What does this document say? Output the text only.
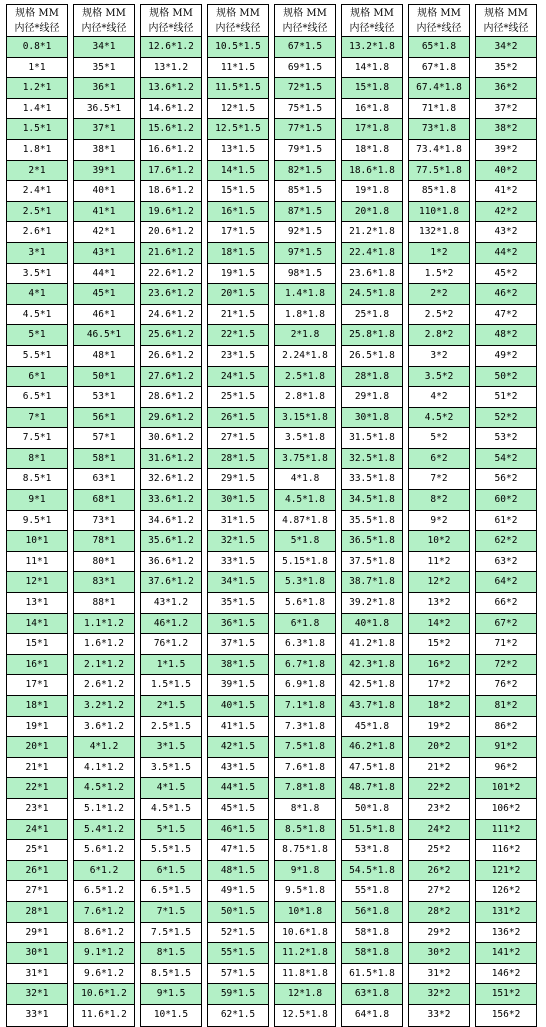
规格 MM
内径*线径
0.8*1
1*1
1.2*1
1.4*1
1.5*1
1.8*1
2*1
2.4*1
2.5*1
2.6*1
3*1
3.5*1
4*1
4.5*1
5*1
5.5*1
6*1
6.5*1
7*1
7.5*1
8*1
8.5*1
9*1
9.5*1
10*1
11*1
12*1
13*1
14*1
15*1
16*1
17*1
18*1
19*1
20*1
21*1
22*1
23*1
24*1
25*1
26*1
27*1
28*1
29*1
30*1
31*1
32*1
33*1
规格 MM
内径*线径
34*1
35*1
36*1
36.5*1
37*1
38*1
39*1
40*1
41*1
42*1
43*1
44*1
45*1
46*1
46.5*1
48*1
50*1
53*1
56*1
57*1
58*1
63*1
68*1
73*1
78*1
80*1
83*1
88*1
1.1*1.2
1.6*1.2
2.1*1.2
2.6*1.2
3.2*1.2
3.6*1.2
4*1.2
4.1*1.2
4.5*1.2
5.1*1.2
5.4*1.2
5.6*1.2
6*1.2
6.5*1.2
7.6*1.2
8.6*1.2
9.1*1.2
9.6*1.2
10.6*1.2
11.6*1.2
规格 MM
内径*线径
12.6*1.2
13*1.2
13.6*1.2
14.6*1.2
15.6*1.2
16.6*1.2
17.6*1.2
18.6*1.2
19.6*1.2
20.6*1.2
21.6*1.2
22.6*1.2
23.6*1.2
24.6*1.2
25.6*1.2
26.6*1.2
27.6*1.2
28.6*1.2
29.6*1.2
30.6*1.2
31.6*1.2
32.6*1.2
33.6*1.2
34.6*1.2
35.6*1.2
36.6*1.2
37.6*1.2
43*1.2
46*1.2
76*1.2
1*1.5
1.5*1.5
2*1.5
2.5*1.5
3*1.5
3.5*1.5
4*1.5
4.5*1.5
5*1.5
5.5*1.5
6*1.5
6.5*1.5
7*1.5
7.5*1.5
8*1.5
8.5*1.5
9*1.5
10*1.5
规格 MM
内径*线径
10.5*1.5
11*1.5
11.5*1.5
12*1.5
12.5*1.5
13*1.5
14*1.5
15*1.5
16*1.5
17*1.5
18*1.5
19*1.5
20*1.5
21*1.5
22*1.5
23*1.5
24*1.5
25*1.5
26*1.5
27*1.5
28*1.5
29*1.5
30*1.5
31*1.5
32*1.5
33*1.5
34*1.5
35*1.5
36*1.5
37*1.5
38*1.5
39*1.5
40*1.5
41*1.5
42*1.5
43*1.5
44*1.5
45*1.5
46*1.5
47*1.5
48*1.5
49*1.5
50*1.5
52*1.5
55*1.5
57*1.5
59*1.5
62*1.5
规格 MM
内径*线径
67*1.5
69*1.5
72*1.5
75*1.5
77*1.5
79*1.5
82*1.5
85*1.5
87*1.5
92*1.5
97*1.5
98*1.5
1.4*1.8
1.8*1.8
2*1.8
2.24*1.8
2.5*1.8
2.8*1.8
3.15*1.8
3.5*1.8
3.75*1.8
4*1.8
4.5*1.8
4.87*1.8
5*1.8
5.15*1.8
5.3*1.8
5.6*1.8
6*1.8
6.3*1.8
6.7*1.8
6.9*1.8
7.1*1.8
7.3*1.8
7.5*1.8
7.6*1.8
7.8*1.8
8*1.8
8.5*1.8
8.75*1.8
9*1.8
9.5*1.8
10*1.8
10.6*1.8
11.2*1.8
11.8*1.8
12*1.8
12.5*1.8
规格 MM
内径*线径
13.2*1.8
14*1.8
15*1.8
16*1.8
17*1.8
18*1.8
18.6*1.8
19*1.8
20*1.8
21.2*1.8
22.4*1.8
23.6*1.8
24.5*1.8
25*1.8
25.8*1.8
26.5*1.8
28*1.8
29*1.8
30*1.8
31.5*1.8
32.5*1.8
33.5*1.8
34.5*1.8
35.5*1.8
36.5*1.8
37.5*1.8
38.7*1.8
39.2*1.8
40*1.8
41.2*1.8
42.3*1.8
42.5*1.8
43.7*1.8
45*1.8
46.2*1.8
47.5*1.8
48.7*1.8
50*1.8
51.5*1.8
53*1.8
54.5*1.8
55*1.8
56*1.8
58*1.8
58*1.8
61.5*1.8
63*1.8
64*1.8
规格 MM
内径*线径
65*1.8
67*1.8
67.4*1.8
71*1.8
73*1.8
73.4*1.8
77.5*1.8
85*1.8
110*1.8
132*1.8
1*2
1.5*2
2*2
2.5*2
2.8*2
3*2
3.5*2
4*2
4.5*2
5*2
6*2
7*2
8*2
9*2
10*2
11*2
12*2
13*2
14*2
15*2
16*2
17*2
18*2
19*2
20*2
21*2
22*2
23*2
24*2
25*2
26*2
27*2
28*2
29*2
30*2
31*2
32*2
33*2
规格 MM
内径*线径
34*2
35*2
36*2
37*2
38*2
39*2
40*2
41*2
42*2
43*2
44*2
45*2
46*2
47*2
48*2
49*2
50*2
51*2
52*2
53*2
54*2
56*2
60*2
61*2
62*2
63*2
64*2
66*2
67*2
71*2
72*2
76*2
81*2
86*2
91*2
96*2
101*2
106*2
111*2
116*2
121*2
126*2
131*2
136*2
141*2
146*2
151*2
156*2
